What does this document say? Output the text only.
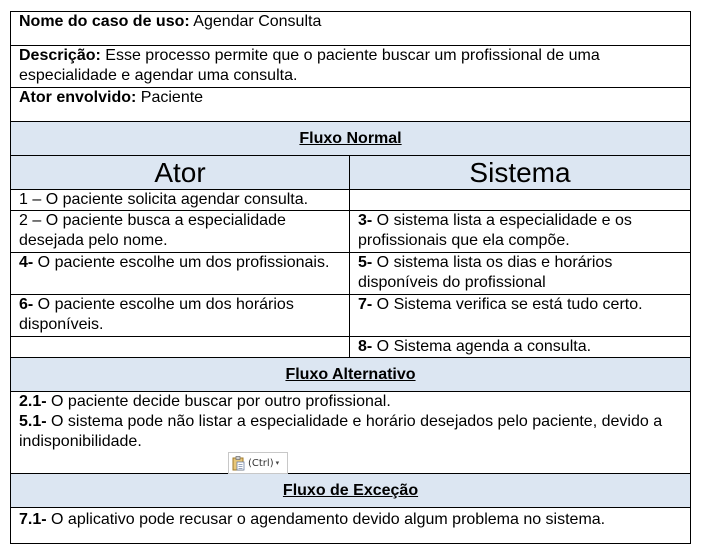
Nome do caso de uso: Agendar Consulta	
Descrição: Esse processo permite que o paciente buscar um profissional de uma especialidade e agendar uma consulta.	
Ator envolvido: Paciente	
Fluxo Normal	
Ator	Sistema
1 – O paciente solicita agendar consulta.	
2 – O paciente busca a especialidade desejada pelo nome.	3- O sistema lista a especialidade e os profissionais que ela compõe.
4- O paciente escolhe um dos profissionais.	5- O sistema lista os dias e horários disponíveis do profissional
6- O paciente escolhe um dos horários disponíveis.	7- O Sistema verifica se está tudo certo.
	8- O Sistema agenda a consulta.
Fluxo Alternativo	

2.1- O paciente decide buscar por outro profissional.
5.1- O sistema pode não listar a especialidade e horário desejados pelo paciente, devido a indisponibilidade.	

Fluxo de Exceção	
7.1- O aplicativo pode recusar o agendamento devido algum problema no sistema.	
(Ctrl) ▾
